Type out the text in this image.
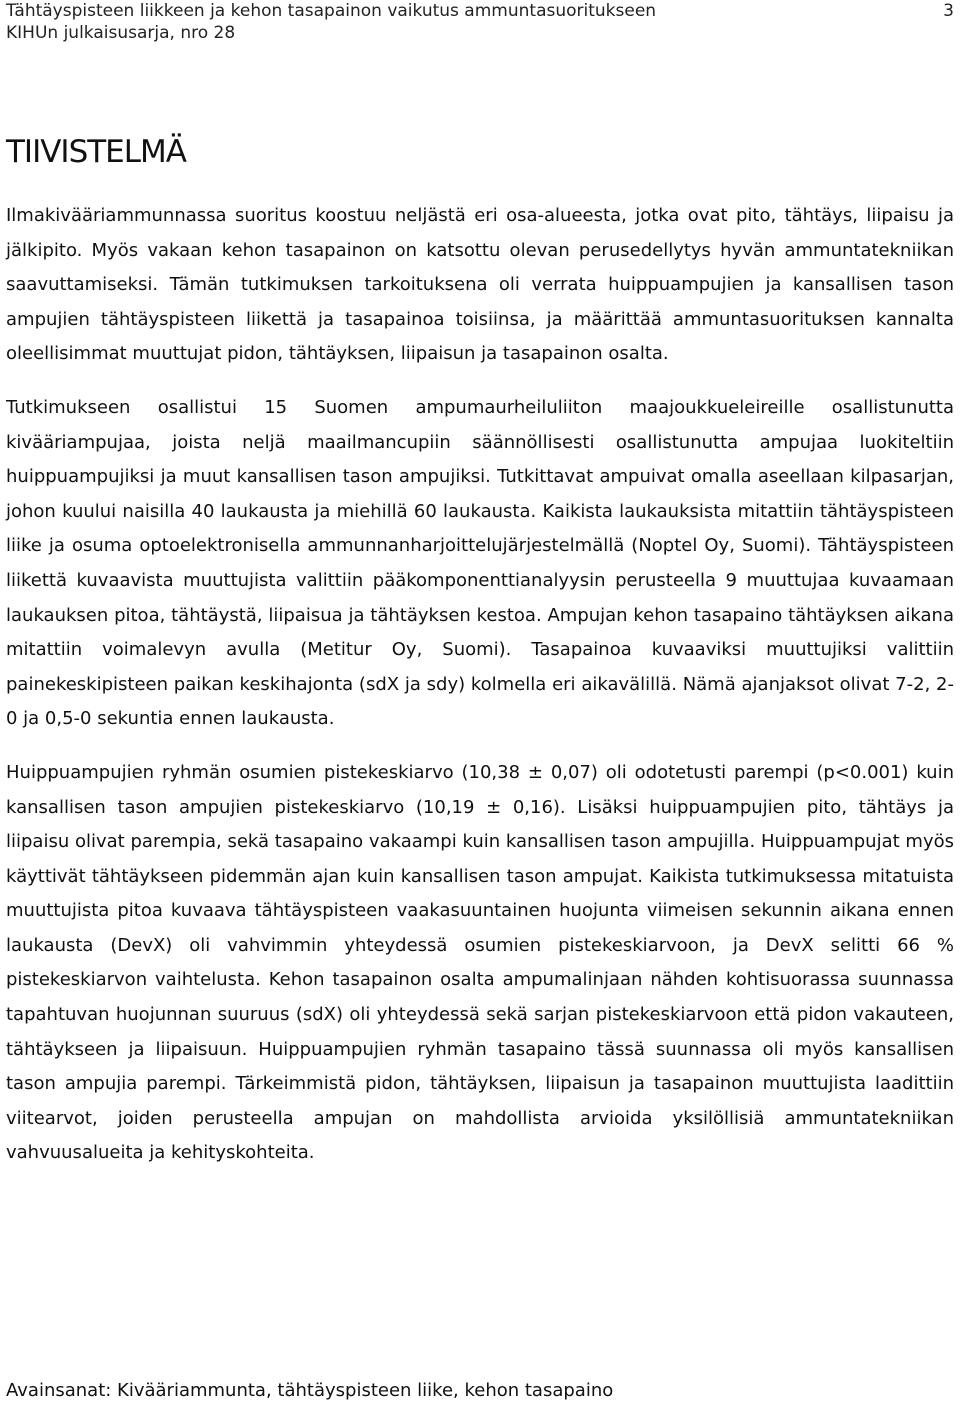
Tähtäyspisteen liikkeen ja kehon tasapainon vaikutus ammuntasuoritukseen
KIHUn julkaisusarja, nro 28
3
TIIVISTELMÄ

Ilmakivääriammunnassa suoritus koostuu neljästä eri osa-alueesta, jotka ovat pito, tähtäys, liipaisu ja jälkipito. Myös vakaan kehon tasapainon on katsottu olevan perusedellytys hyvän ammuntatekniikan saavuttamiseksi. Tämän tutkimuksen tarkoituksena oli verrata huippuampujien ja kansallisen tason ampujien tähtäyspisteen liikettä ja tasapainoa toisiinsa, ja määrittää ammuntasuorituksen kannalta oleellisimmat muuttujat pidon, tähtäyksen, liipaisun ja tasapainon osalta.

Tutkimukseen osallistui 15 Suomen ampumaurheiluliiton maajoukkueleireille osallistunutta kivääriampujaa, joista neljä maailmancupiin säännöllisesti osallistunutta ampujaa luokiteltiin huippuampujiksi ja muut kansallisen tason ampujiksi. Tutkittavat ampuivat omalla aseellaan kilpasarjan, johon kuului naisilla 40 laukausta ja miehillä 60 laukausta. Kaikista laukauksista mitattiin tähtäyspisteen liike ja osuma optoelektronisella ammunnanharjoittelujärjestelmällä (Noptel Oy, Suomi). Tähtäyspisteen liikettä kuvaavista muuttujista valittiin pääkomponenttianalyysin perusteella 9 muuttujaa kuvaamaan laukauksen pitoa, tähtäystä, liipaisua ja tähtäyksen kestoa. Ampujan kehon tasapaino tähtäyksen aikana mitattiin voimalevyn avulla (Metitur Oy, Suomi). Tasapainoa kuvaaviksi muuttujiksi valittiin painekeskipisteen paikan keskihajonta (sdX ja sdy) kolmella eri aikavälillä. Nämä ajanjaksot olivat 7-2, 2-0 ja 0,5-0 sekuntia ennen laukausta.

Huippuampujien ryhmän osumien pistekeskiarvo (10,38 ± 0,07) oli odotetusti parempi (p<0.001) kuin kansallisen tason ampujien pistekeskiarvo (10,19 ± 0,16). Lisäksi huippuampujien pito, tähtäys ja liipaisu olivat parempia, sekä tasapaino vakaampi kuin kansallisen tason ampujilla. Huippuampujat myös käyttivät tähtäykseen pidemmän ajan kuin kansallisen tason ampujat. Kaikista tutkimuksessa mitatuista muuttujista pitoa kuvaava tähtäyspisteen vaakasuuntainen huojunta viimeisen sekunnin aikana ennen laukausta (DevX) oli vahvimmin yhteydessä osumien pistekeskiarvoon, ja DevX selitti 66 % pistekeskiarvon vaihtelusta. Kehon tasapainon osalta ampumalinjaan nähden kohtisuorassa suunnassa tapahtuvan huojunnan suuruus (sdX) oli yhteydessä sekä sarjan pistekeskiarvoon että pidon vakauteen, tähtäykseen ja liipaisuun. Huippuampujien ryhmän tasapaino tässä suunnassa oli myös kansallisen tason ampujia parempi. Tärkeimmistä pidon, tähtäyksen, liipaisun ja tasapainon muuttujista laadittiin viitearvot, joiden perusteella ampujan on mahdollista arvioida yksilöllisiä ammuntatekniikan vahvuusalueita ja kehityskohteita.

Avainsanat: Kivääriammunta, tähtäyspisteen liike, kehon tasapaino
